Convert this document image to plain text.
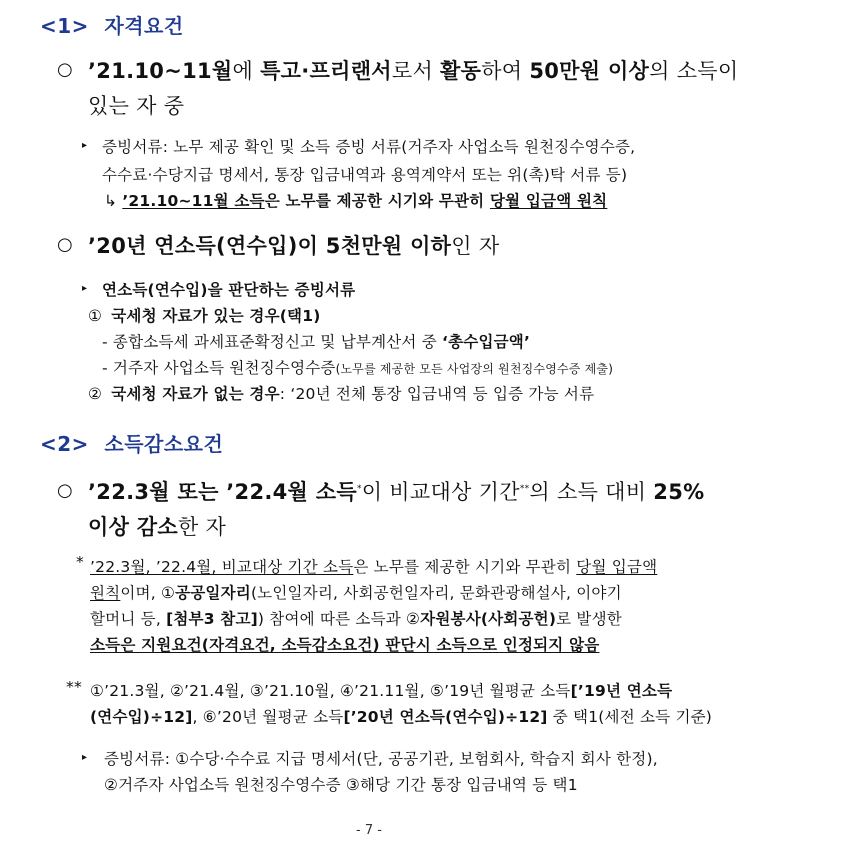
<1> 자격요건
○ ’21.10~11월에 특고·프리랜서로서 활동하여 50만원 이상의 소득이
있는 자 중
▸ 증빙서류: 노무 제공 확인 및 소득 증빙 서류(거주자 사업소득 원천징수영수증,
수수료·수당지급 명세서, 통장 입금내역과 용역계약서 또는 위(촉)탁 서류 등)
↳ ’21.10~11월 소득은 노무를 제공한 시기와 무관히 당월 입금액 원칙
○ ’20년 연소득(연수입)이 5천만원 이하인 자
▸ 연소득(연수입)을 판단하는 증빙서류
① 국세청 자료가 있는 경우(택1)
- 종합소득세 과세표준확정신고 및 납부계산서 중 ‘총수입금액’
- 거주자 사업소득 원천징수영수증(노무를 제공한 모든 사업장의 원천징수영수증 제출)
② 국세청 자료가 없는 경우: ‘20년 전체 통장 입금내역 등 입증 가능 서류
<2> 소득감소요건
○ ’22.3월 또는 ’22.4월 소득*이 비교대상 기간**의 소득 대비 25%
이상 감소한 자
* ’22.3월, ’22.4월, 비교대상 기간 소득은 노무를 제공한 시기와 무관히 당월 입금액
원칙이며, ①공공일자리(노인일자리, 사회공헌일자리, 문화관광해설사, 이야기
할머니 등, [첨부3 참고]) 참여에 따른 소득과 ②자원봉사(사회공헌)로 발생한
소득은 지원요건(자격요건, 소득감소요건) 판단시 소득으로 인정되지 않음
** ①’21.3월, ②’21.4월, ③’21.10월, ④’21.11월, ⑤’19년 월평균 소득[’19년 연소득
(연수입)÷12], ⑥’20년 월평균 소득[’20년 연소득(연수입)÷12] 중 택1(세전 소득 기준)
▸ 증빙서류: ①수당·수수료 지급 명세서(단, 공공기관, 보험회사, 학습지 회사 한정),
②거주자 사업소득 원천징수영수증 ③해당 기간 통장 입금내역 등 택1
- 7 -
